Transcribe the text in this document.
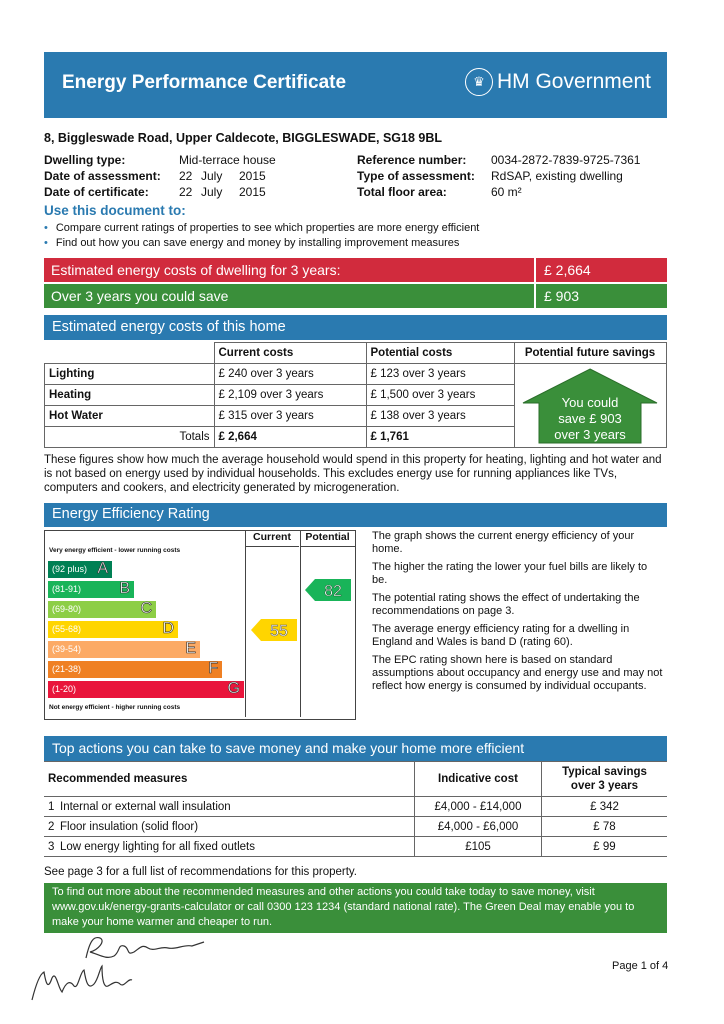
Energy Performance Certificate	♛ HM Government
8, Biggleswade Road, Upper Caldecote, BIGGLESWADE, SG18 9BL
Dwelling type:	Mid-terrace house
Date of assessment: 22 July 2015
Date of certificate:	22 July 2015
Reference number: 0034-2872-7839-9725-7361
Type of assessment: RdSAP, existing dwelling
Total floor area:	60 m²
Use this document to:
• Compare current ratings of properties to see which properties are more energy efficient
• Find out how you can save energy and money by installing improvement measures
Estimated energy costs of dwelling for 3 years:	£ 2,664
Over 3 years you could save	£ 903
Estimated energy costs of this home
	Current costs	Potential costs	Potential future savings
Lighting	£ 240 over 3 years	£ 123 over 3 years	
Heating	£ 2,109 over 3 years	£ 1,500 over 3 years	
Hot Water	£ 315 over 3 years	£ 138 over 3 years	
Totals	£ 2,664	£ 1,761	
You could
save £ 903
over 3 years
These figures show how much the average household would spend in this property for heating, lighting and hot water and is not based on energy used by individual households. This excludes energy use for running appliances like TVs, computers and cookers, and electricity generated by microgeneration.
Energy Efficiency Rating
Current	Potential
Very energy efficient - lower running costs
(92 plus) A
(81-91) B
(69-80)	C
(55-68)	D
(39-54)	E
(21-38)	F
(1-20)	G
Not energy efficient - higher running costs
55
82

The graph shows the current energy efficiency of your home.

The higher the rating the lower your fuel bills are likely to be.

The potential rating shows the effect of undertaking the recommendations on page 3.

The average energy efficiency rating for a dwelling in England and Wales is band D (rating 60).

The EPC rating shown here is based on standard assumptions about occupancy and energy use and may not reflect how energy is consumed by individual occupants.

Top actions you can take to save money and make your home more efficient
Recommended measures	Indicative cost	Typical savings
over 3 years
1 Internal or external wall insulation	£4,000 - £14,000	£ 342
2 Floor insulation (solid floor)	£4,000 - £6,000	£ 78
3 Low energy lighting for all fixed outlets	£105	£ 99
See page 3 for a full list of recommendations for this property.
To find out more about the recommended measures and other actions you could take today to save money, visit www.gov.uk/energy-grants-calculator or call 0300 123 1234 (standard national rate). The Green Deal may enable you to make your home warmer and cheaper to run.
Page 1 of 4
